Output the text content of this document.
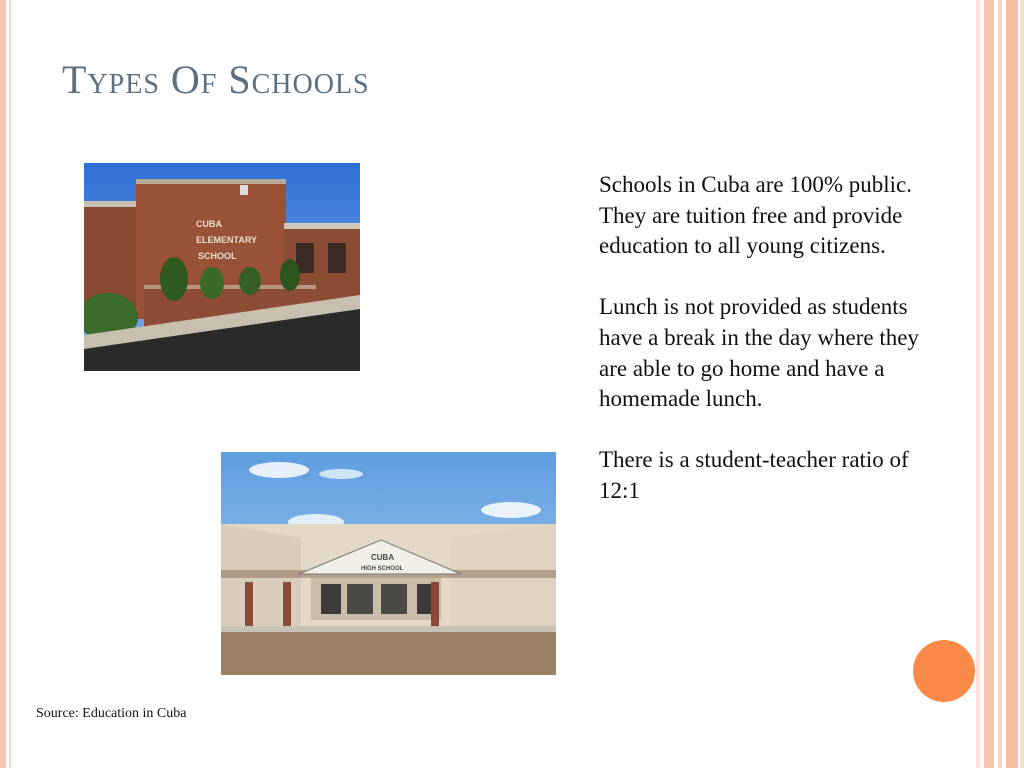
Types Of Schools
CUBA
ELEMENTARY
SCHOOL
CUBA
HIGH SCHOOL

Schools in Cuba are 100% public. They are tuition free and provide education to all young citizens.

Lunch is not provided as students have a break in the day where they are able to go home and have a homemade lunch.

There is a student-teacher ratio of 12:1

Source: Education in Cuba
